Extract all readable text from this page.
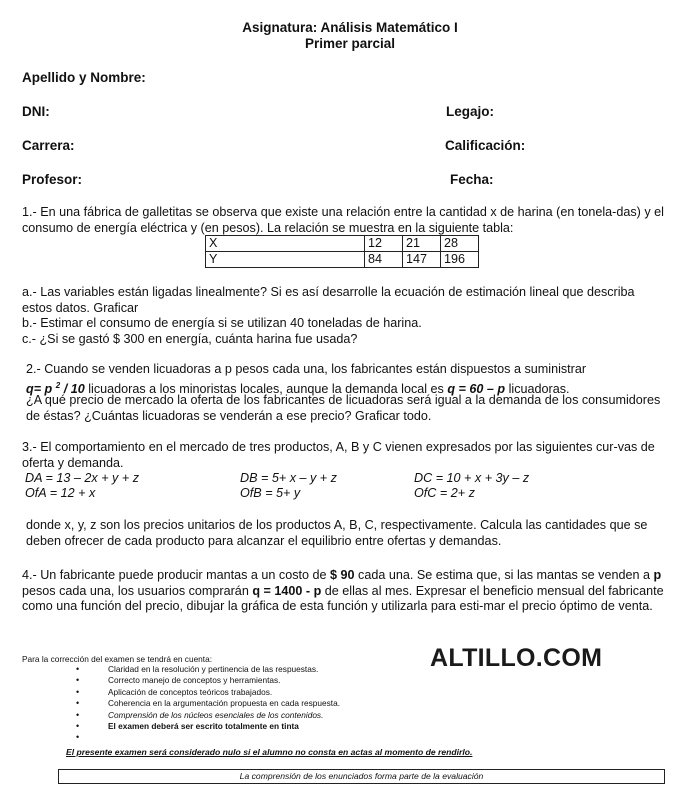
Asignatura: Análisis Matemático I
Primer parcial
Apellido y Nombre:
DNI:	Legajo:
Carrera:	Calificación:
Profesor:	Fecha:
1.- En una fábrica de galletitas se observa que existe una relación entre la cantidad x de harina (en tonela-das) y el consumo de energía eléctrica y (en pesos). La relación se muestra en la siguiente tabla:
X	12	21	28
Y	84	147	196
a.- Las variables están ligadas linealmente? Si es así desarrolle la ecuación de estimación lineal que describa estos datos. Graficar
b.- Estimar el consumo de energía si se utilizan 40 toneladas de harina.
c.- ¿Si se gastó $ 300 en energía, cuánta harina fue usada?
2.- Cuando se venden licuadoras a p pesos cada una, los fabricantes están dispuestos a suministrar
q= p $^2$ / 10 licuadoras a los minoristas locales, aunque la demanda local es q = 60 – p licuadoras.
¿A qué precio de mercado la oferta de los fabricantes de licuadoras será igual a la demanda de los consumidores de éstas? ¿Cuántas licuadoras se venderán a ese precio? Graficar todo.
3.- El comportamiento en el mercado de tres productos, A, B y C vienen expresados por las siguientes cur-vas de oferta y demanda.
DA = 13 – 2x + y + z	DB = 5+ x – y + z	DC = 10 + x + 3y – z
OfA = 12 + x	OfB = 5+ y	OfC = 2+ z
donde x, y, z son los precios unitarios de los productos A, B, C, respectivamente. Calcula las cantidades que se deben ofrecer de cada producto para alcanzar el equilibrio entre ofertas y demandas.
4.- Un fabricante puede producir mantas a un costo de $ 90 cada una. Se estima que, si las mantas se venden a p pesos cada una, los usuarios comprarán q = 1400 - p de ellas al mes. Expresar el beneficio mensual del fabricante como una función del precio, dibujar la gráfica de esta función y utilizarla para esti-mar el precio óptimo de venta.
ALTILLO.COM
Para la corrección del examen se tendrá en cuenta:
•	Claridad en la resolución y pertinencia de las respuestas.
•	Correcto manejo de conceptos y herramientas.
•	Aplicación de conceptos teóricos trabajados.
•	Coherencia en la argumentación propuesta en cada respuesta.
•	Comprensión de los núcleos esenciales de los contenidos.
•	El examen deberá ser escrito totalmente en tinta
•
El presente examen será considerado nulo si el alumno no consta en actas al momento de rendirlo.
La comprensión de los enunciados forma parte de la evaluación
